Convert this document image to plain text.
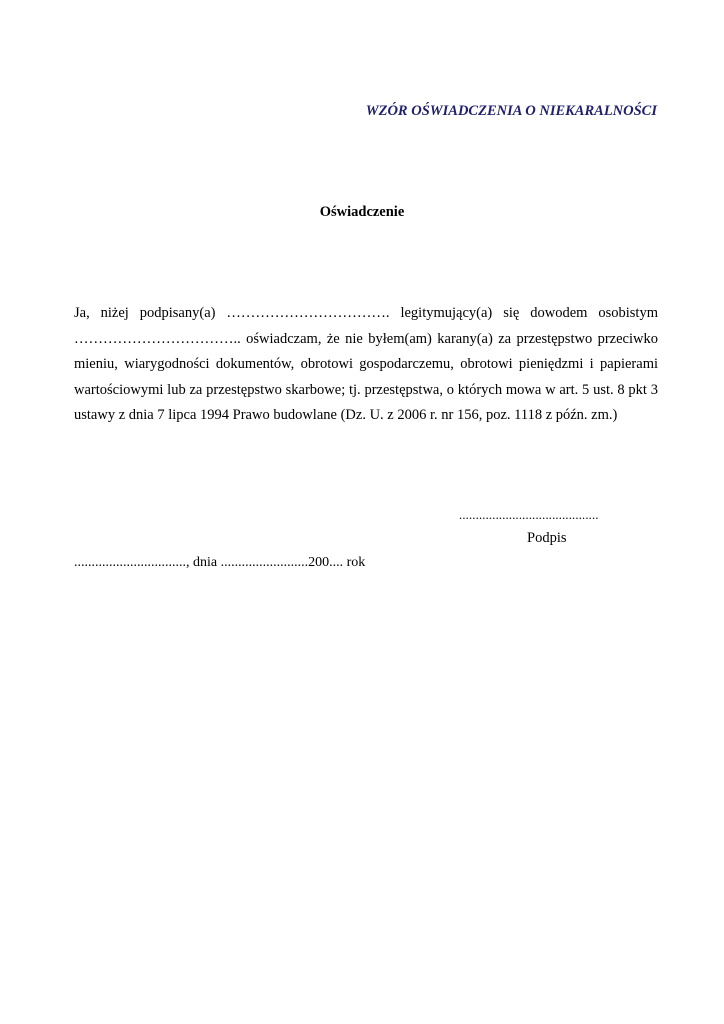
WZÓR OŚWIADCZENIA O NIEKARALNOŚCI
Oświadczenie

Ja, niżej podpisany(a) ……………………………. legitymujący(a) się dowodem osobistym …………………………….. oświadczam, że nie byłem(am) karany(a) za przestępstwo przeciwko mieniu, wiarygodności dokumentów, obrotowi gospodarczemu, obrotowi pieniędzmi i papierami wartościowymi lub za przestępstwo skarbowe; tj. przestępstwa, o których mowa w art. 5 ust. 8 pkt 3 ustawy z dnia 7 lipca 1994 Prawo budowlane (Dz. U. z 2006 r. nr 156, poz. 1118 z późn. zm.)

..........................................
Podpis
................................, dnia .........................200.... rok
